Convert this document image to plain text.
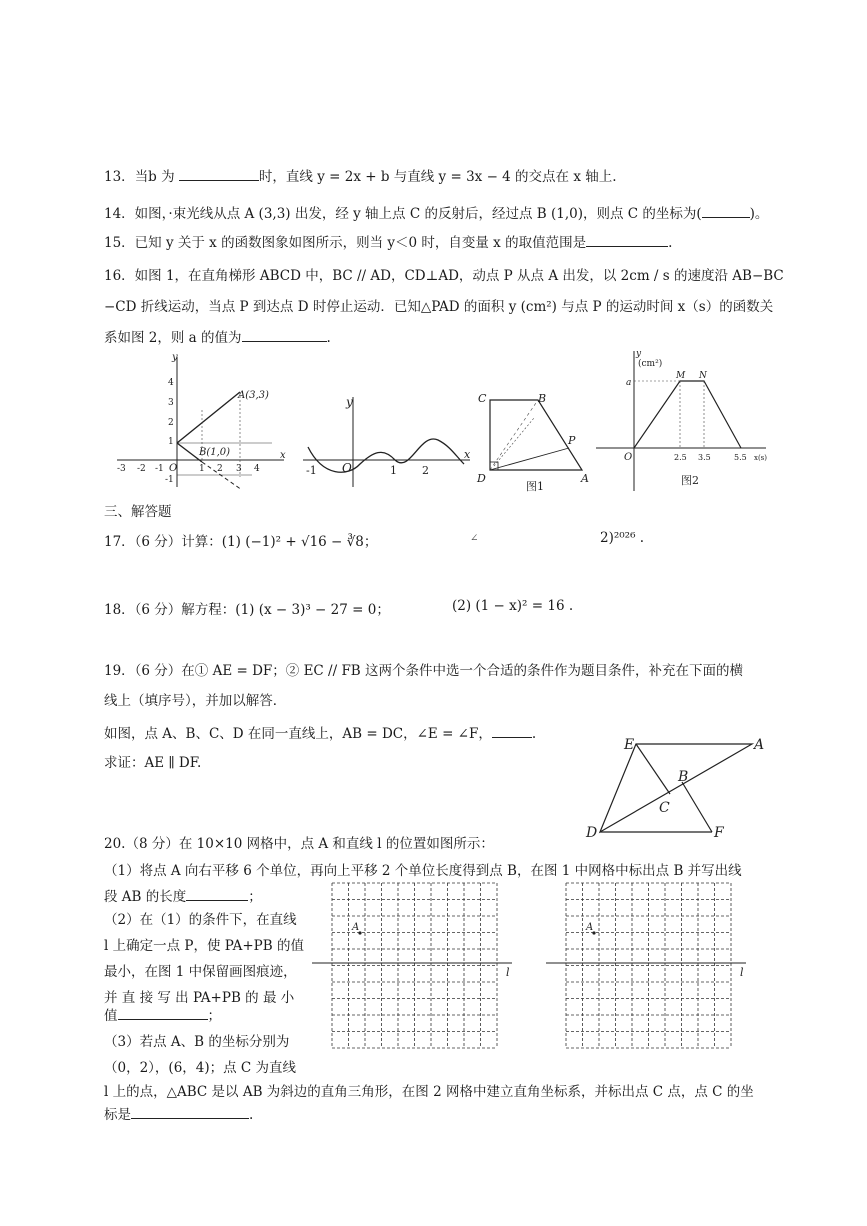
13．当b 为	时，直线 y = 2x + b 与直线 y = 3x − 4 的交点在 x 轴上.
14．如图，·束光线从点 A (3,3) 出发，经 y 轴上点 C 的反射后，经过点 B (1,0)，则点 C 的坐标为(	)。
15．已知 y 关于 x 的函数图象如图所示，则当 y＜0 时，自变量 x 的取值范围是	.
16．如图 1，在直角梯形 ABCD 中，BC // AD，CD⊥AD，动点 P 从点 A 出发，以 2cm / s 的速度沿 AB−BC
−CD 折线运动，当点 P 到达点 D 时停止运动．已知△PAD 的面积 y (cm²) 与点 P 的运动时间 x（s）的函数关
系如图 2，则 a 的值为	.
y
x
A(3,3)
B(1,0)
O
-3 -2 -1	1 2 3 4
4
3
2
1
-1
y
x
O
-1	1 2
C	B
P
D	A
图1
y
(cm²)
a
M N
O	2.5 3.5	5.5 x(s)
图2
三、解答题
17．（6 分）计算：(1) (−1)² + √16 − ∛8；	2)²⁰²⁶ .
∠
18．（6 分）解方程：(1) (x − 3)³ − 27 = 0；	(2) (1 − x)² = 16 .
19．（6 分）在① AE = DF；② EC // FB 这两个条件中选一个合适的条件作为题目条件，补充在下面的横
线上（填序号），并加以解答．
如图，点 A、B、C、D 在同一直线上，AB = DC，∠E = ∠F，	.
求证：AE ∥ DF.
E	A
B
C
D	F
20.（8 分）在 10×10 网格中，点 A 和直线 l 的位置如图所示：
（1）将点 A 向右平移 6 个单位，再向上平移 2 个单位长度得到点 B，在图 1 中网格中标出点 B 并写出线
段 AB 的长度	；
（2）在（1）的条件下，在直线
l 上确定一点 P，使 PA+PB 的值
最小，在图 1 中保留画图痕迹，
并 直 接 写 出 PA+PB 的 最 小
值	；
（3）若点 A、B 的坐标分别为
（0，2），(6，4)；点 C 为直线
l 上的点，△ABC 是以 AB 为斜边的直角三角形，在图 2 网格中建立直角坐标系，并标出点 C 点，点 C 的坐
标是	.
A
l
A
l
